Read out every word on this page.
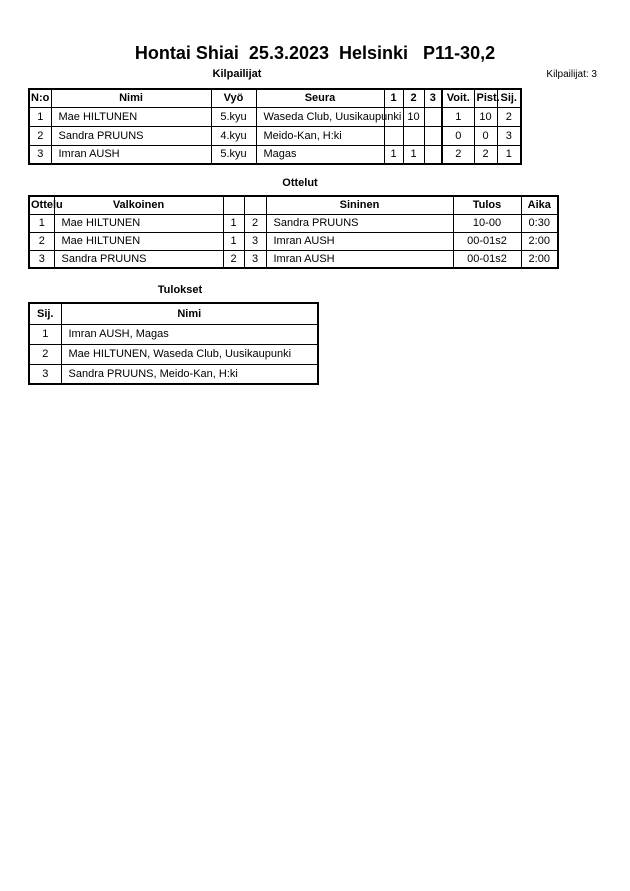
Hontai Shiai  25.3.2023  Helsinki   P11-30,2
Kilpailijat	Kilpailijat: 3
N:o	Nimi	Vyö	Seura	1	2	3	Voit.	Pist.	Sij.
1	Mae HILTUNEN	5.kyu	Waseda Club, Uusikaupunki		10		1	10	2
2	Sandra PRUUNS	4.kyu	Meido-Kan, H:ki				0	0	3
3	Imran AUSH	5.kyu	Magas	1	1		2	2	1
Ottelut
Ottelu	Valkoinen			Sininen	Tulos	Aika
1	Mae HILTUNEN	1	2	Sandra PRUUNS	10-00	0:30
2	Mae HILTUNEN	1	3	Imran AUSH	00-01s2	2:00
3	Sandra PRUUNS	2	3	Imran AUSH	00-01s2	2:00
Tulokset
Sij.	Nimi
1	Imran AUSH, Magas
2	Mae HILTUNEN, Waseda Club, Uusikaupunki
3	Sandra PRUUNS, Meido-Kan, H:ki
